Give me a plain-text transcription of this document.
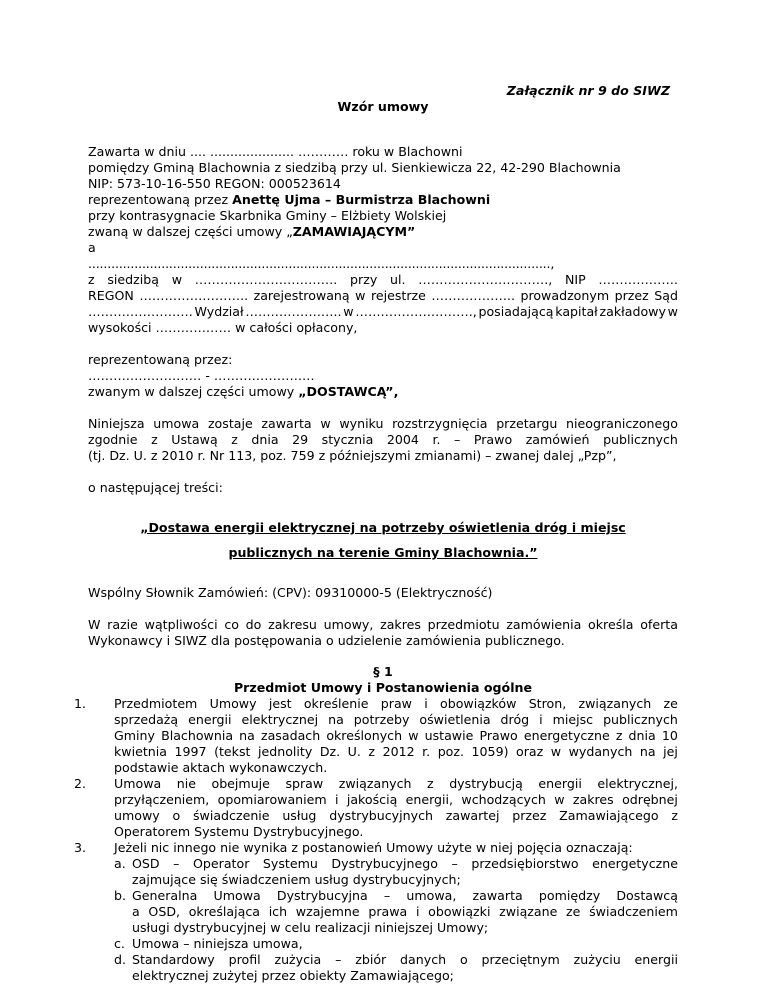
Załącznik nr 9 do SIWZ
Wzór umowy
Zawarta w dniu .... ..................... ………… roku w Blachowni
pomiędzy Gminą Blachownia z siedzibą przy ul. Sienkiewicza 22, 42-290 Blachownia
NIP: 573-10-16-550 REGON: 000523614
reprezentowaną przez Anettę Ujma – Burmistrza Blachowni
przy kontrasygnacie Skarbnika Gminy – Elżbiety Wolskiej
zwaną w dalszej części umowy „ZAMAWIAJĄCYM”
a
........................................................................................................................,
z siedzibą w ……………………………. przy ul. …………………………., NIP ……………….
REGON …………………….. zarejestrowaną w rejestrze ……………….. prowadzonym przez Sąd
……………………. Wydział ………………….. w ………………………., posiadającą kapitał zakładowy w
wysokości ……………… w całości opłacony,
reprezentowaną przez:
……………………… - ……………………
zwanym w dalszej części umowy „DOSTAWCĄ”,
Niniejsza umowa zostaje zawarta w wyniku rozstrzygnięcia przetargu nieograniczonego
zgodnie z Ustawą z dnia 29 stycznia 2004 r. – Prawo zamówień publicznych
(tj. Dz. U. z 2010 r. Nr 113, poz. 759 z późniejszymi zmianami) – zwanej dalej „Pzp”,
o następującej treści:
„Dostawa energii elektrycznej na potrzeby oświetlenia dróg i miejsc
publicznych na terenie Gminy Blachownia.”
Wspólny Słownik Zamówień: (CPV): 09310000-5 (Elektryczność)
W razie wątpliwości co do zakresu umowy, zakres przedmiotu zamówienia określa oferta
Wykonawcy i SIWZ dla postępowania o udzielenie zamówienia publicznego.
§ 1
Przedmiot Umowy i Postanowienia ogólne
1. Przedmiotem Umowy jest określenie praw i obowiązków Stron, związanych ze
sprzedażą energii elektrycznej na potrzeby oświetlenia dróg i miejsc publicznych
Gminy Blachownia na zasadach określonych w ustawie Prawo energetyczne z dnia 10
kwietnia 1997 (tekst jednolity Dz. U. z 2012 r. poz. 1059) oraz w wydanych na jej
podstawie aktach wykonawczych.
2. Umowa nie obejmuje spraw związanych z dystrybucją energii elektrycznej,
przyłączeniem, opomiarowaniem i jakością energii, wchodzących w zakres odrębnej
umowy o świadczenie usług dystrybucyjnych zawartej przez Zamawiającego z
Operatorem Systemu Dystrybucyjnego.
3. Jeżeli nic innego nie wynika z postanowień Umowy użyte w niej pojęcia oznaczają:
a. OSD – Operator Systemu Dystrybucyjnego – przedsiębiorstwo energetyczne
zajmujące się świadczeniem usług dystrybucyjnych;
b. Generalna Umowa Dystrybucyjna – umowa, zawarta pomiędzy Dostawcą
a OSD, określająca ich wzajemne prawa i obowiązki związane ze świadczeniem
usługi dystrybucyjnej w celu realizacji niniejszej Umowy;
c. Umowa – niniejsza umowa,
d. Standardowy profil zużycia – zbiór danych o przeciętnym zużyciu energii
elektrycznej zużytej przez obiekty Zamawiającego;
